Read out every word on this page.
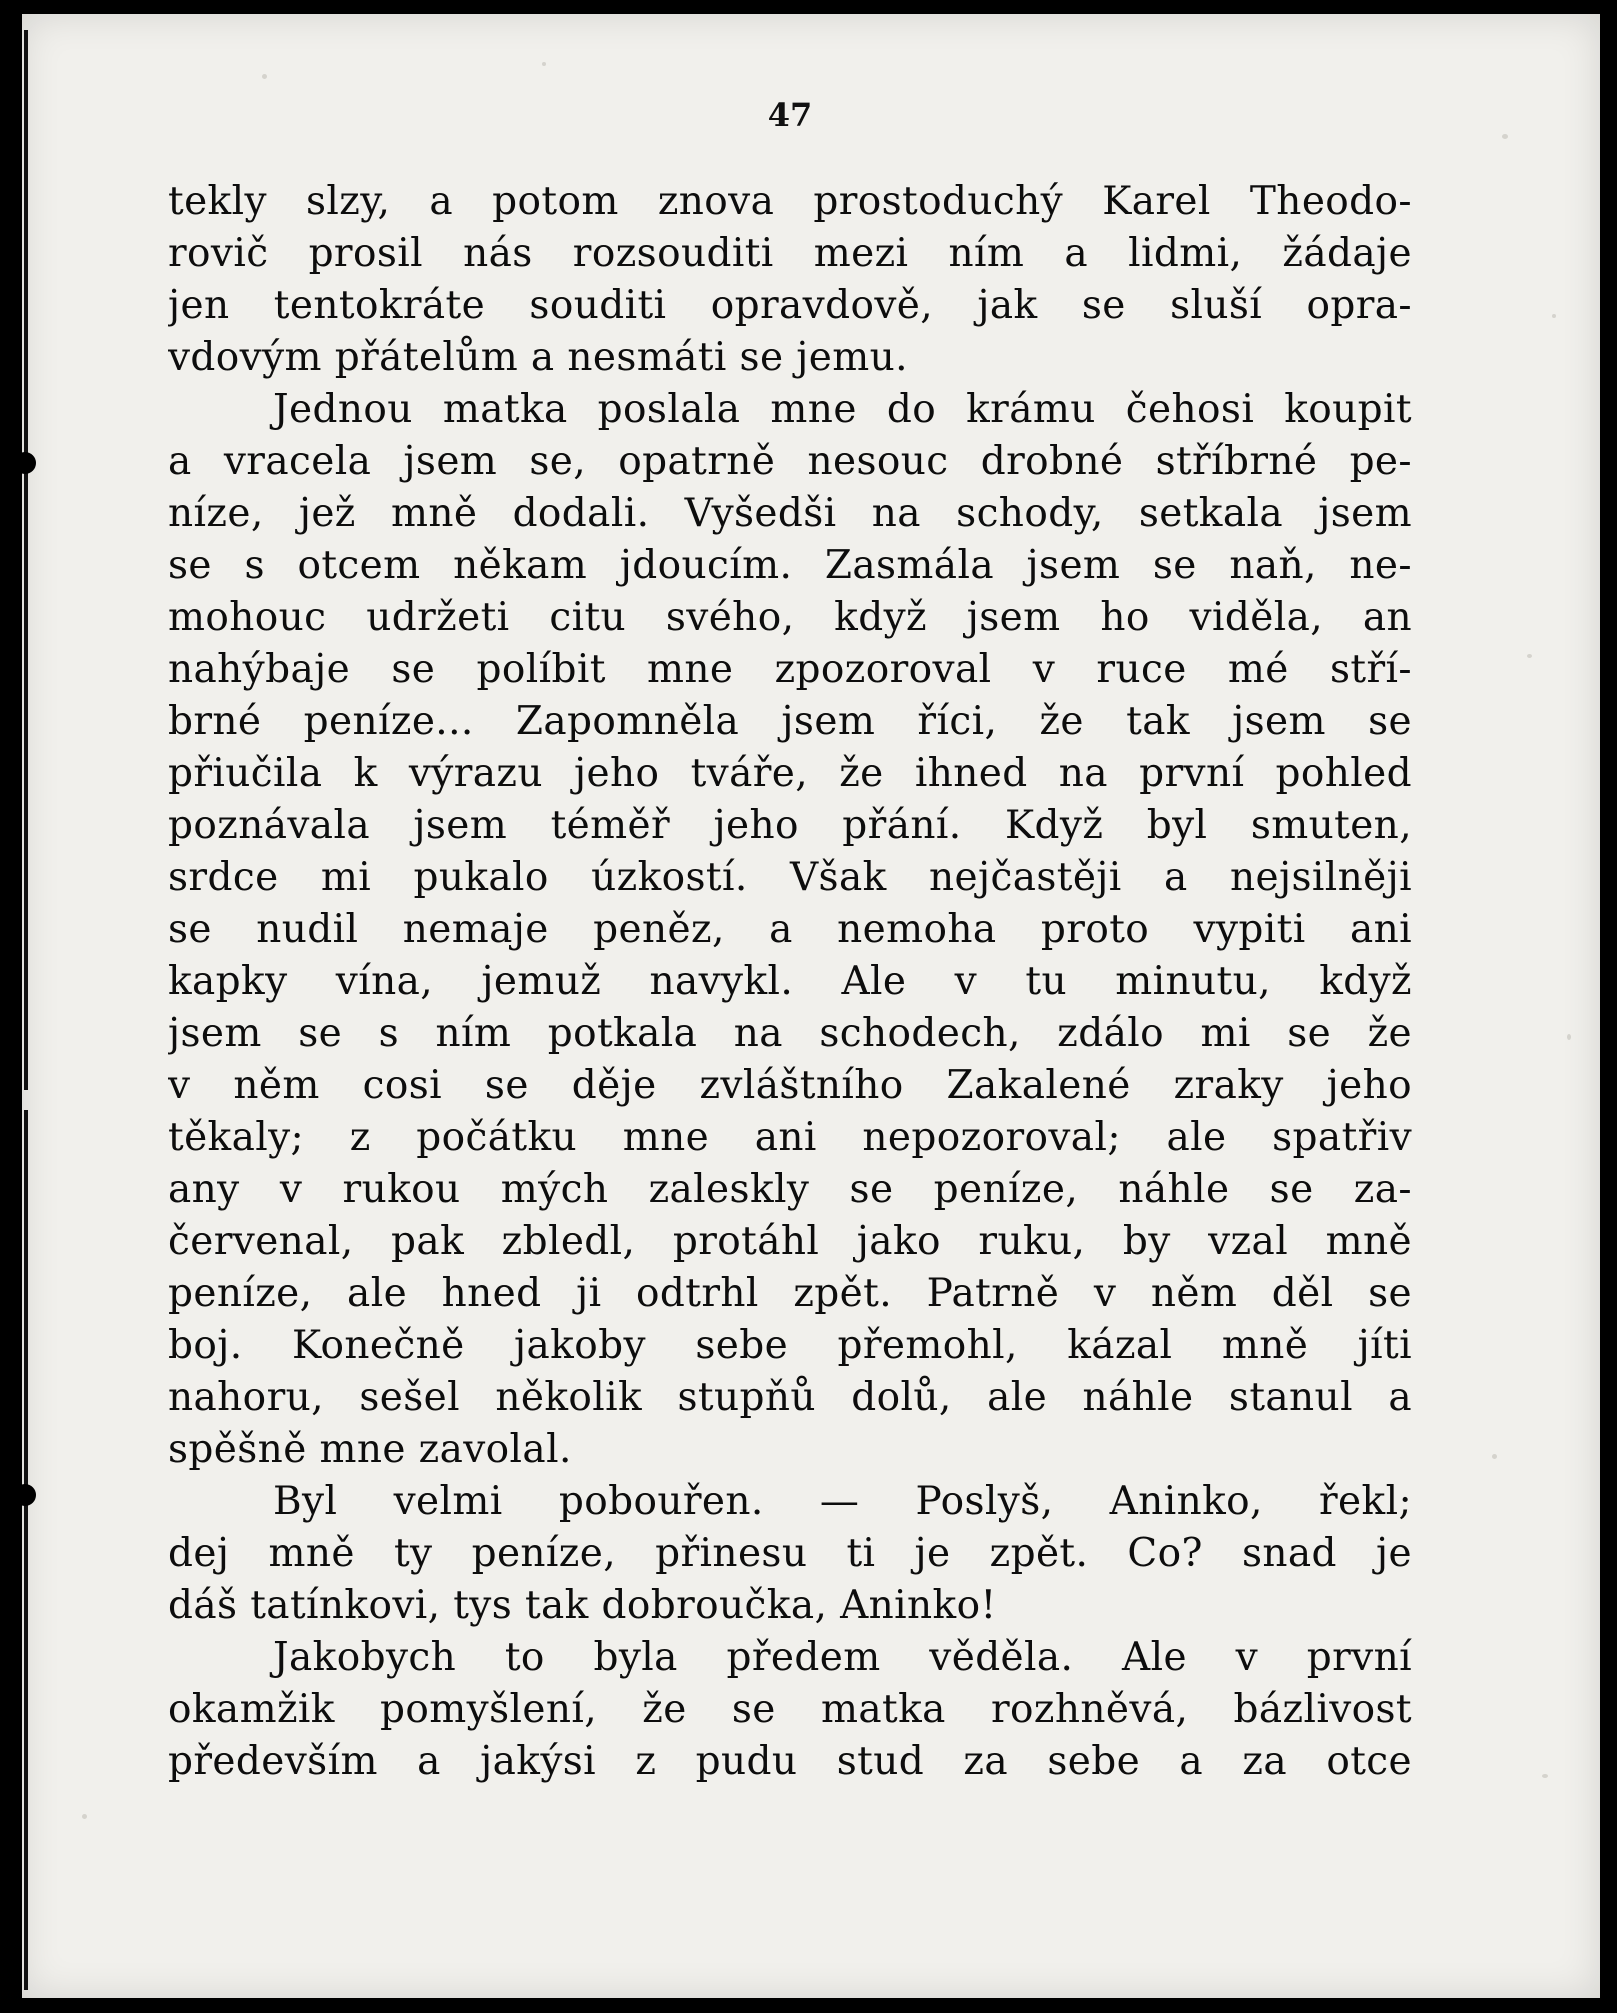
47
tekly slzy, a potom znova prostoduchý Karel Theodo-
rovič prosil nás rozsouditi mezi ním a lidmi, žádaje
jen tentokráte souditi opravdově, jak se sluší opra-
vdovým přátelům a nesmáti se jemu.
Jednou matka poslala mne do krámu čehosi koupit
a vracela jsem se, opatrně nesouc drobné stříbrné pe-
níze, jež mně dodali. Vyšedši na schody, setkala jsem
se s otcem někam jdoucím. Zasmála jsem se naň, ne-
mohouc udržeti citu svého, když jsem ho viděla, an
nahýbaje se políbit mne zpozoroval v ruce mé stří-
brné peníze... Zapomněla jsem říci, že tak jsem se
přiučila k výrazu jeho tváře, že ihned na první pohled
poznávala jsem téměř jeho přání. Když byl smuten,
srdce mi pukalo úzkostí. Však nejčastěji a nejsilněji
se nudil nemaje peněz, a nemoha proto vypiti ani
kapky vína, jemuž navykl. Ale v tu minutu, když
jsem se s ním potkala na schodech, zdálo mi se že
v něm cosi se děje zvláštního Zakalené zraky jeho
těkaly; z počátku mne ani nepozoroval; ale spatřiv
any v rukou mých zaleskly se peníze, náhle se za-
červenal, pak zbledl, protáhl jako ruku, by vzal mně
peníze, ale hned ji odtrhl zpět. Patrně v něm děl se
boj. Konečně jakoby sebe přemohl, kázal mně jíti
nahoru, sešel několik stupňů dolů, ale náhle stanul a
spěšně mne zavolal.
Byl velmi pobouřen. — Poslyš, Aninko, řekl;
dej mně ty peníze, přinesu ti je zpět. Co? snad je
dáš tatínkovi, tys tak dobroučka, Aninko!
Jakobych to byla předem věděla. Ale v první
okamžik pomyšlení, že se matka rozhněvá, bázlivost
především a jakýsi z pudu stud za sebe a za otce
